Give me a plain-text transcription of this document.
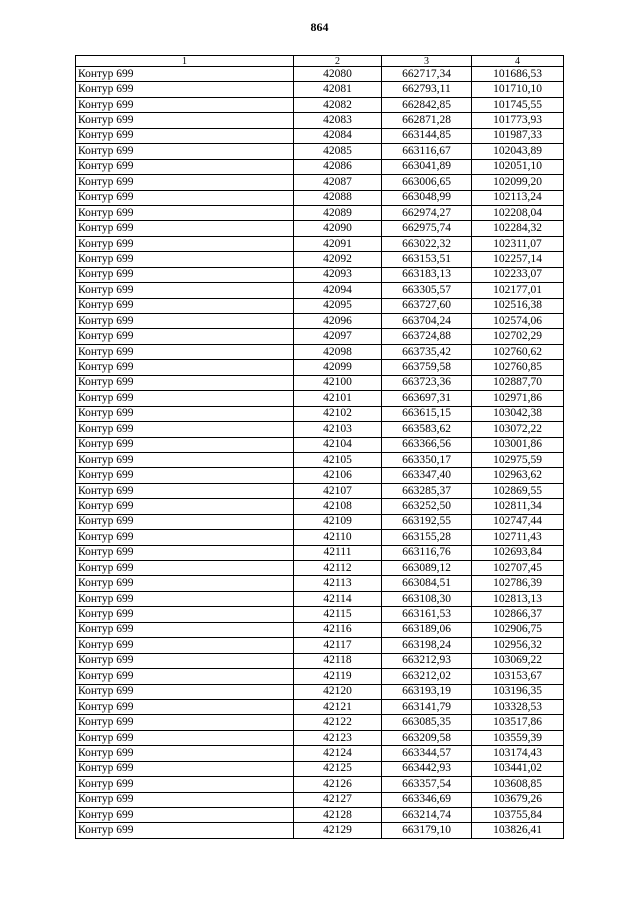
864
1	2	3	4
Контур 699	42080	662717,34	101686,53
Контур 699	42081	662793,11	101710,10
Контур 699	42082	662842,85	101745,55
Контур 699	42083	662871,28	101773,93
Контур 699	42084	663144,85	101987,33
Контур 699	42085	663116,67	102043,89
Контур 699	42086	663041,89	102051,10
Контур 699	42087	663006,65	102099,20
Контур 699	42088	663048,99	102113,24
Контур 699	42089	662974,27	102208,04
Контур 699	42090	662975,74	102284,32
Контур 699	42091	663022,32	102311,07
Контур 699	42092	663153,51	102257,14
Контур 699	42093	663183,13	102233,07
Контур 699	42094	663305,57	102177,01
Контур 699	42095	663727,60	102516,38
Контур 699	42096	663704,24	102574,06
Контур 699	42097	663724,88	102702,29
Контур 699	42098	663735,42	102760,62
Контур 699	42099	663759,58	102760,85
Контур 699	42100	663723,36	102887,70
Контур 699	42101	663697,31	102971,86
Контур 699	42102	663615,15	103042,38
Контур 699	42103	663583,62	103072,22
Контур 699	42104	663366,56	103001,86
Контур 699	42105	663350,17	102975,59
Контур 699	42106	663347,40	102963,62
Контур 699	42107	663285,37	102869,55
Контур 699	42108	663252,50	102811,34
Контур 699	42109	663192,55	102747,44
Контур 699	42110	663155,28	102711,43
Контур 699	42111	663116,76	102693,84
Контур 699	42112	663089,12	102707,45
Контур 699	42113	663084,51	102786,39
Контур 699	42114	663108,30	102813,13
Контур 699	42115	663161,53	102866,37
Контур 699	42116	663189,06	102906,75
Контур 699	42117	663198,24	102956,32
Контур 699	42118	663212,93	103069,22
Контур 699	42119	663212,02	103153,67
Контур 699	42120	663193,19	103196,35
Контур 699	42121	663141,79	103328,53
Контур 699	42122	663085,35	103517,86
Контур 699	42123	663209,58	103559,39
Контур 699	42124	663344,57	103174,43
Контур 699	42125	663442,93	103441,02
Контур 699	42126	663357,54	103608,85
Контур 699	42127	663346,69	103679,26
Контур 699	42128	663214,74	103755,84
Контур 699	42129	663179,10	103826,41
